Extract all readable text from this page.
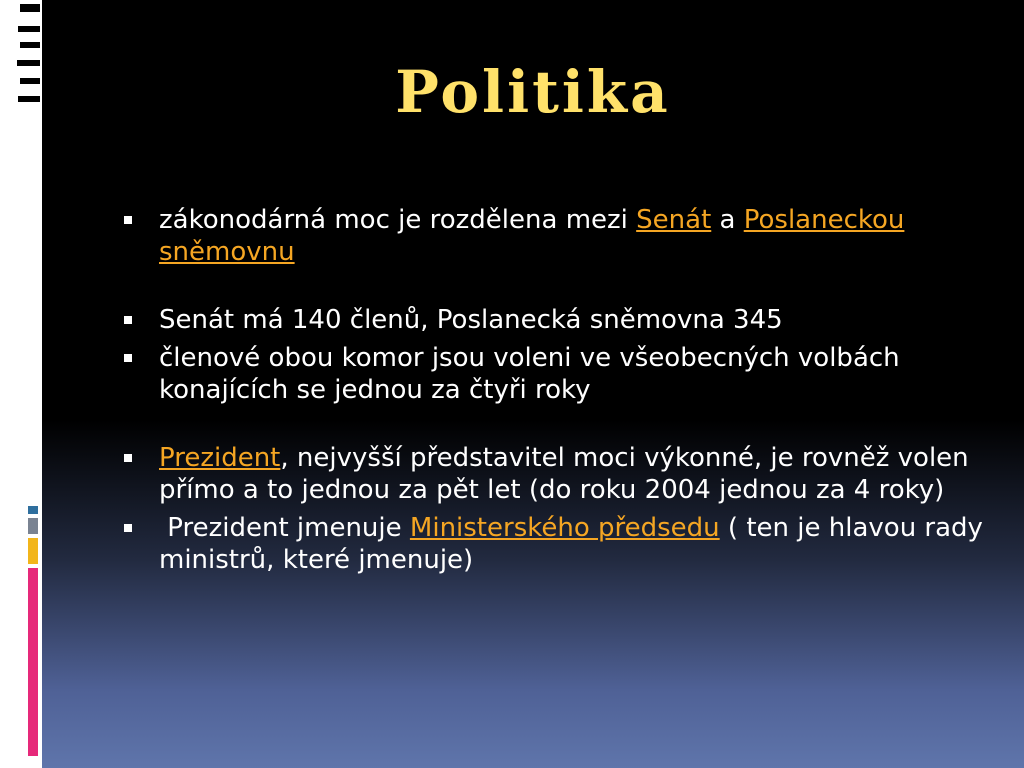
Politika
zákonodárná moc je rozdělena mezi Senát a Poslaneckou sněmovnu
Senát má 140 členů, Poslanecká sněmovna 345
členové obou komor jsou voleni ve všeobecných volbách konajících se jednou za čtyři roky
Prezident, nejvyšší představitel moci výkonné, je rovněž volen přímo a to jednou za pět let (do roku 2004 jednou za 4 roky)
Prezident jmenuje Ministerského předsedu ( ten je hlavou rady ministrů, které jmenuje)
